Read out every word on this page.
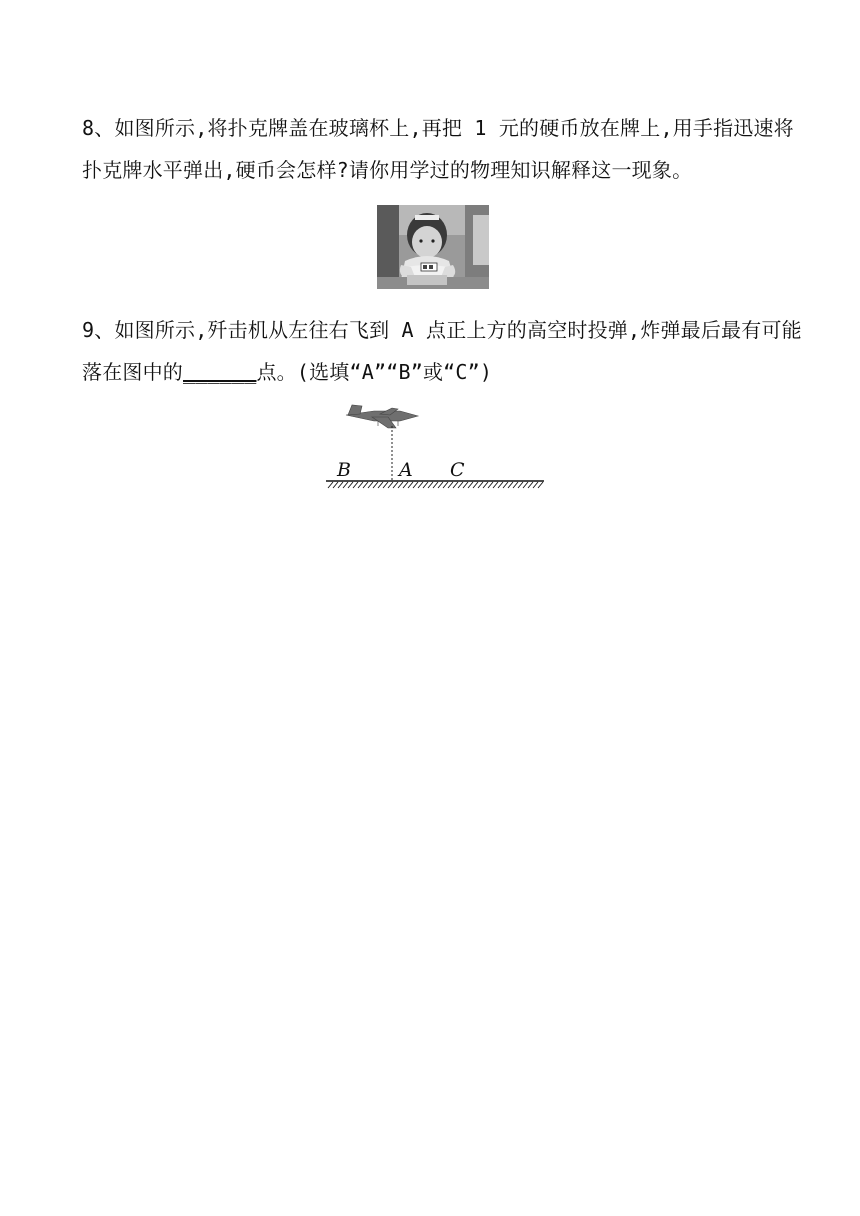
8、如图所示,将扑克牌盖在玻璃杯上,再把 1 元的硬币放在牌上,用手指迅速将
扑克牌水平弹出,硬币会怎样?请你用学过的物理知识解释这一现象。
9、如图所示,歼击机从左往右飞到 A 点正上方的高空时投弹,炸弹最后最有可能
落在图中的______点。(选填“A”“B”或“C”)
B	A C
